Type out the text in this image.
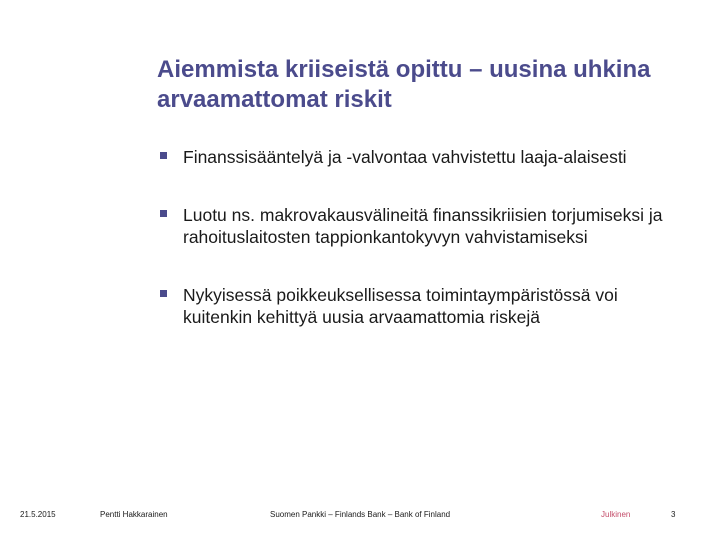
Aiemmista kriiseistä opittu – uusina uhkina arvaamattomat riskit
Finanssisääntelyä ja -valvontaa vahvistettu laaja-alaisesti
Luotu ns. makrovakausvälineitä finanssikriisien torjumiseksi ja rahoituslaitosten tappionkantokyvyn vahvistamiseksi
Nykyisessä poikkeuksellisessa toimintaympäristössä voi kuitenkin kehittyä uusia arvaamattomia riskejä
21.5.2015	Pentti Hakkarainen	Suomen Pankki – Finlands Bank – Bank of Finland	Julkinen	3
